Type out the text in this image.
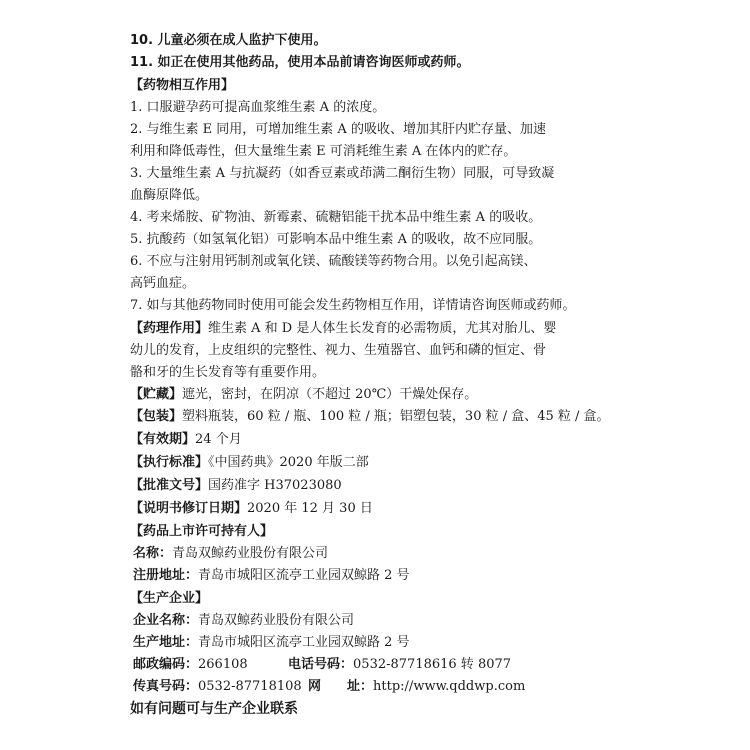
10. 儿童必须在成人监护下使用。
11. 如正在使用其他药品，使用本品前请咨询医师或药师。
【药物相互作用】
1. 口服避孕药可提高血浆维生素 A 的浓度。
2. 与维生素 E 同用，可增加维生素 A 的吸收、增加其肝内贮存量、加速
利用和降低毒性，但大量维生素 E 可消耗维生素 A 在体内的贮存。
3. 大量维生素 A 与抗凝药（如香豆素或茚满二酮衍生物）同服，可导致凝
血酶原降低。
4. 考来烯胺、矿物油、新霉素、硫糖铝能干扰本品中维生素 A 的吸收。
5. 抗酸药（如氢氧化铝）可影响本品中维生素 A 的吸收，故不应同服。
6. 不应与注射用钙制剂或氧化镁、硫酸镁等药物合用。以免引起高镁、
高钙血症。
7. 如与其他药物同时使用可能会发生药物相互作用，详情请咨询医师或药师。
【药理作用】维生素 A 和 D 是人体生长发育的必需物质，尤其对胎儿、婴
幼儿的发育，上皮组织的完整性、视力、生殖器官、血钙和磷的恒定、骨
骼和牙的生长发育等有重要作用。
【贮藏】遮光，密封，在阴凉（不超过 20℃）干燥处保存。
【包装】塑料瓶装，60 粒 / 瓶、100 粒 / 瓶；铝塑包装，30 粒 / 盒、45 粒 / 盒。
【有效期】24 个月
【执行标准】《中国药典》2020 年版二部
【批准文号】国药准字 H37023080
【说明书修订日期】2020 年 12 月 30 日
【药品上市许可持有人】
名称：青岛双鲸药业股份有限公司
注册地址：青岛市城阳区流亭工业园双鲸路 2 号
【生产企业】
企业名称：青岛双鲸药业股份有限公司
生产地址：青岛市城阳区流亭工业园双鲸路 2 号
邮政编码：266108	电话号码：0532-87718616 转 8077
传真号码：0532-87718108 网　　址：http://www.qddwp.com
如有问题可与生产企业联系
